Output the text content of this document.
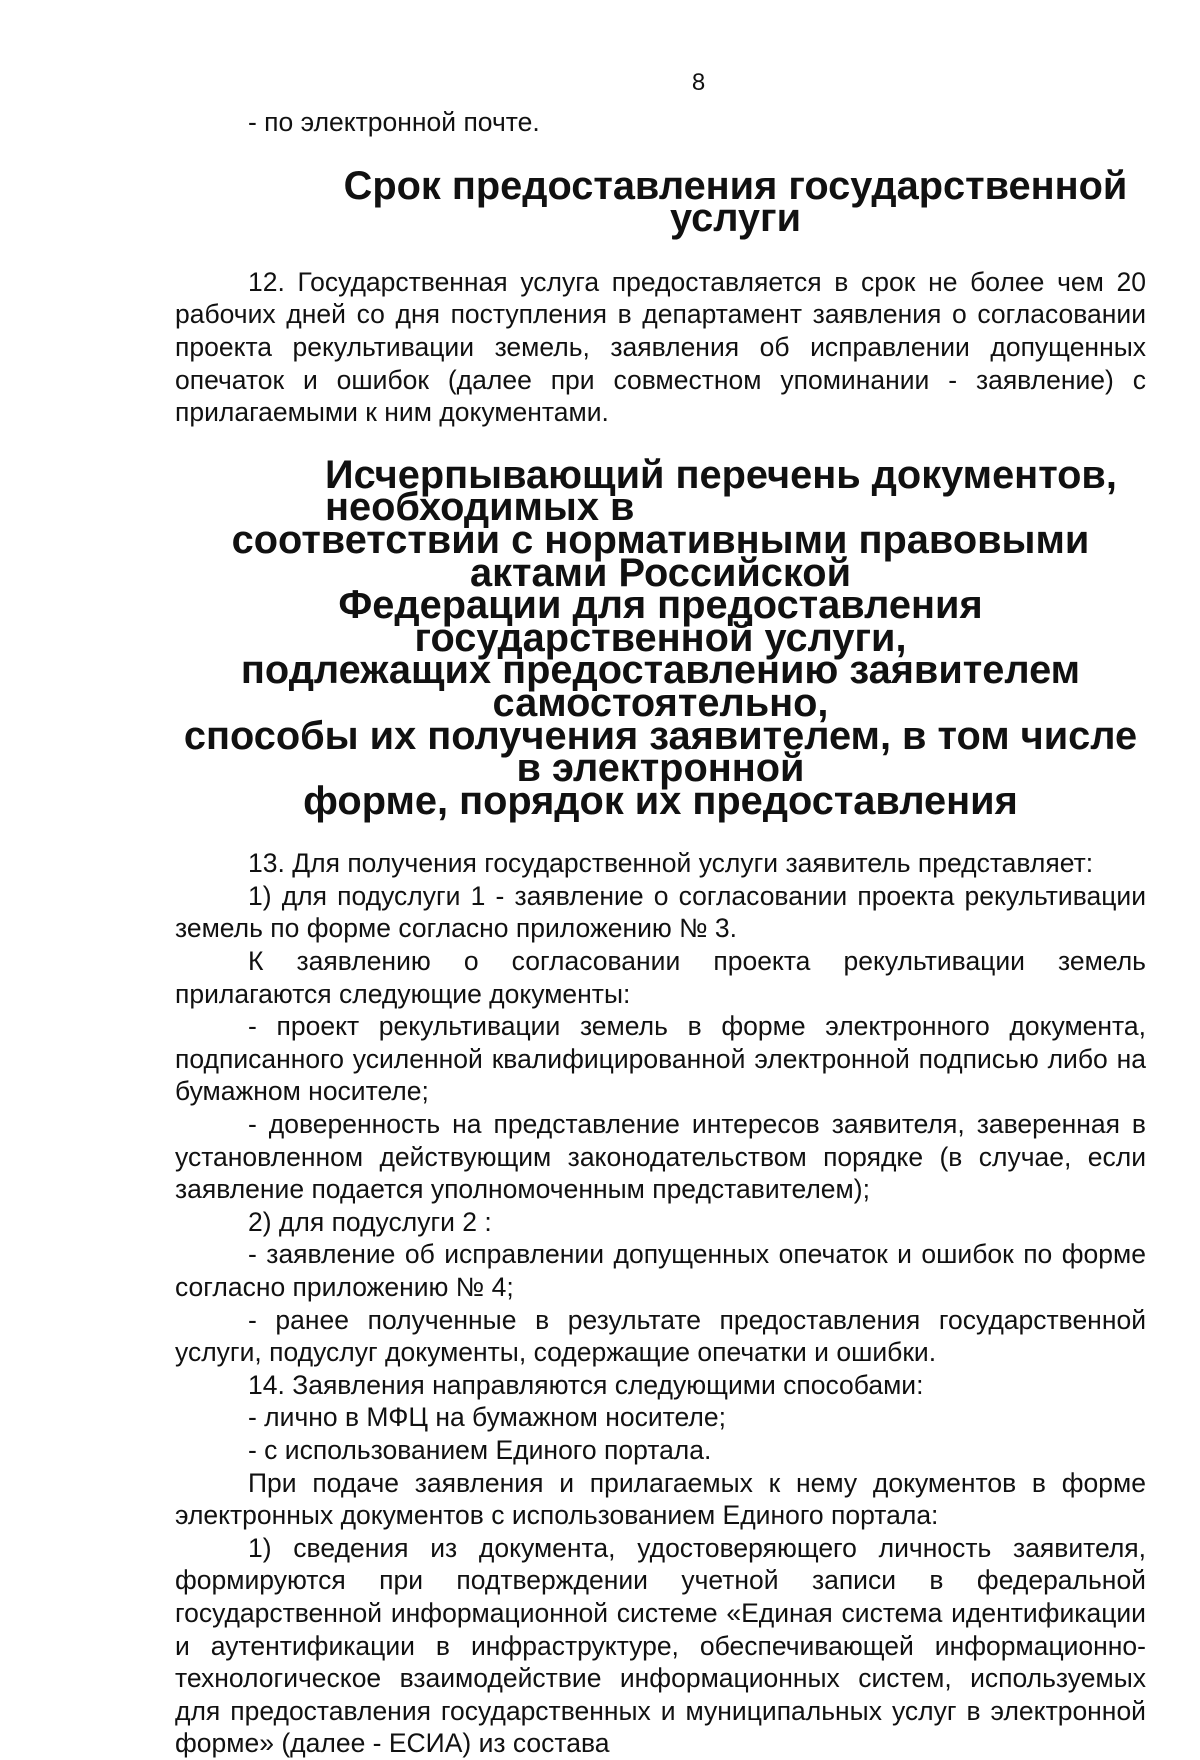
8

- по электронной почте.

Срок предоставления государственной услуги

12. Государственная услуга предоставляется в срок не более чем 20 рабочих дней со дня поступления в департамент заявления о согласовании проекта рекультивации земель, заявления об исправлении допущенных опечаток и ошибок (далее при совместном упоминании - заявление) с прилагаемыми к ним документами.

Исчерпывающий перечень документов, необходимых в
соответствии с нормативными правовыми актами Российской
Федерации для предоставления государственной услуги,
подлежащих предоставлению заявителем самостоятельно,
способы их получения заявителем, в том числе в электронной
форме, порядок их предоставления

13. Для получения государственной услуги заявитель представляет:

1) для подуслуги 1 - заявление о согласовании проекта рекультивации земель по форме согласно приложению № 3.

К заявлению о согласовании проекта рекультивации земель прилагаются следующие документы:

- проект рекультивации земель в форме электронного документа, подписанного усиленной квалифицированной электронной подписью либо на бумажном носителе;

- доверенность на представление интересов заявителя, заверенная в установленном действующим законодательством порядке (в случае, если заявление подается уполномоченным представителем);

2) для подуслуги 2 :

- заявление об исправлении допущенных опечаток и ошибок по форме согласно приложению № 4;

- ранее полученные в результате предоставления государственной услуги, подуслуг документы, содержащие опечатки и ошибки.

14. Заявления направляются следующими способами:

- лично в МФЦ на бумажном носителе;

- с использованием Единого портала.

При подаче заявления и прилагаемых к нему документов в форме электронных документов с использованием Единого портала:

1) сведения из документа, удостоверяющего личность заявителя, формируются при подтверждении учетной записи в федеральной государственной информационной системе «Единая система идентификации и аутентификации в инфраструктуре, обеспечивающей информационно-технологическое взаимодействие информационных систем, используемых для предоставления государственных и муниципальных услуг в электронной форме» (далее - ЕСИА) из состава
